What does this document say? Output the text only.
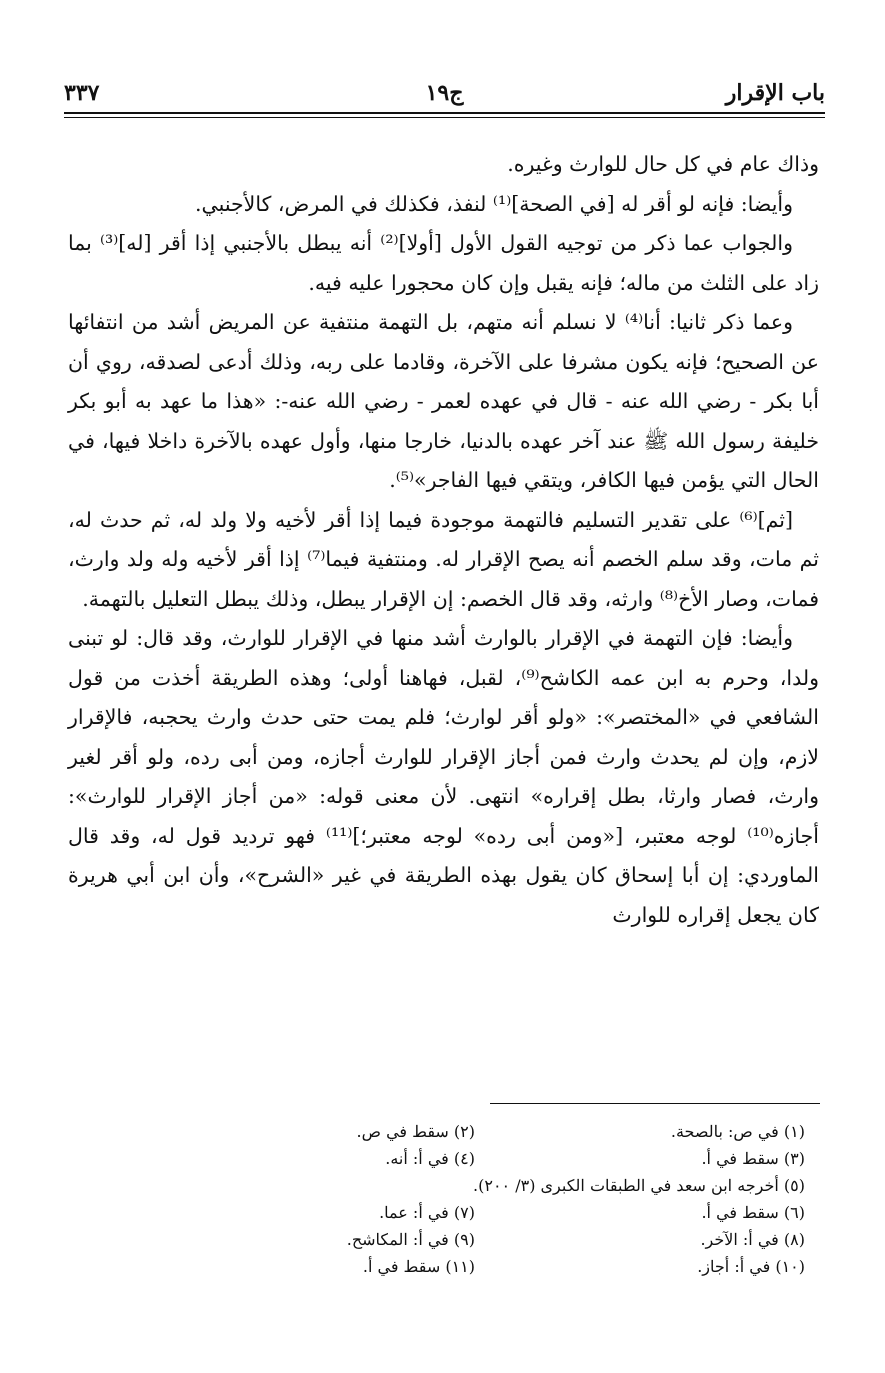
باب الإقرار
ج١٩
٣٣٧

وذاك عام في كل حال للوارث وغيره.

وأيضا: فإنه لو أقر له [في الصحة]⁽¹⁾ لنفذ، فكذلك في المرض، كالأجنبي.

والجواب عما ذكر من توجيه القول الأول [أولا]⁽²⁾ أنه يبطل بالأجنبي إذا أقر [له]⁽³⁾ بما زاد على الثلث من ماله؛ فإنه يقبل وإن كان محجورا عليه فيه.

وعما ذكر ثانيا: أنا⁽⁴⁾ لا نسلم أنه متهم، بل التهمة منتفية عن المريض أشد من انتفائها عن الصحيح؛ فإنه يكون مشرفا على الآخرة، وقادما على ربه، وذلك أدعى لصدقه، روي أن أبا بكر - رضي الله عنه - قال في عهده لعمر - رضي الله عنه-: «هذا ما عهد به أبو بكر خليفة رسول الله ﷺ عند آخر عهده بالدنيا، خارجا منها، وأول عهده بالآخرة داخلا فيها، في الحال التي يؤمن فيها الكافر، ويتقي فيها الفاجر»⁽⁵⁾.

[ثم]⁽⁶⁾ على تقدير التسليم فالتهمة موجودة فيما إذا أقر لأخيه ولا ولد له، ثم حدث له، ثم مات، وقد سلم الخصم أنه يصح الإقرار له. ومنتفية فيما⁽⁷⁾ إذا أقر لأخيه وله ولد وارث، فمات، وصار الأخ⁽⁸⁾ وارثه، وقد قال الخصم: إن الإقرار يبطل، وذلك يبطل التعليل بالتهمة.

وأيضا: فإن التهمة في الإقرار بالوارث أشد منها في الإقرار للوارث، وقد قال: لو تبنى ولدا، وحرم به ابن عمه الكاشح⁽⁹⁾، لقبل، فهاهنا أولى؛ وهذه الطريقة أخذت من قول الشافعي في «المختصر»: «ولو أقر لوارث؛ فلم يمت حتى حدث وارث يحجبه، فالإقرار لازم، وإن لم يحدث وارث فمن أجاز الإقرار للوارث أجازه، ومن أبى رده، ولو أقر لغير وارث، فصار وارثا، بطل إقراره» انتهى. لأن معنى قوله: «من أجاز الإقرار للوارث»: أجازه⁽¹⁰⁾ لوجه معتبر، [«ومن أبى رده» لوجه معتبر؛]⁽¹¹⁾ فهو ترديد قول له، وقد قال الماوردي: إن أبا إسحاق كان يقول بهذه الطريقة في غير «الشرح»، وأن ابن أبي هريرة كان يجعل إقراره للوارث

(١) في ص: بالصحة.
(٢) سقط في ص.
(٣) سقط في أ.
(٤) في أ: أنه.
(٥) أخرجه ابن سعد في الطبقات الكبرى (٣/ ٢٠٠).
(٦) سقط في أ.
(٧) في أ: عما.
(٨) في أ: الآخر.
(٩) في أ: المكاشح.
(١٠) في أ: أجاز.
(١١) سقط في أ.
